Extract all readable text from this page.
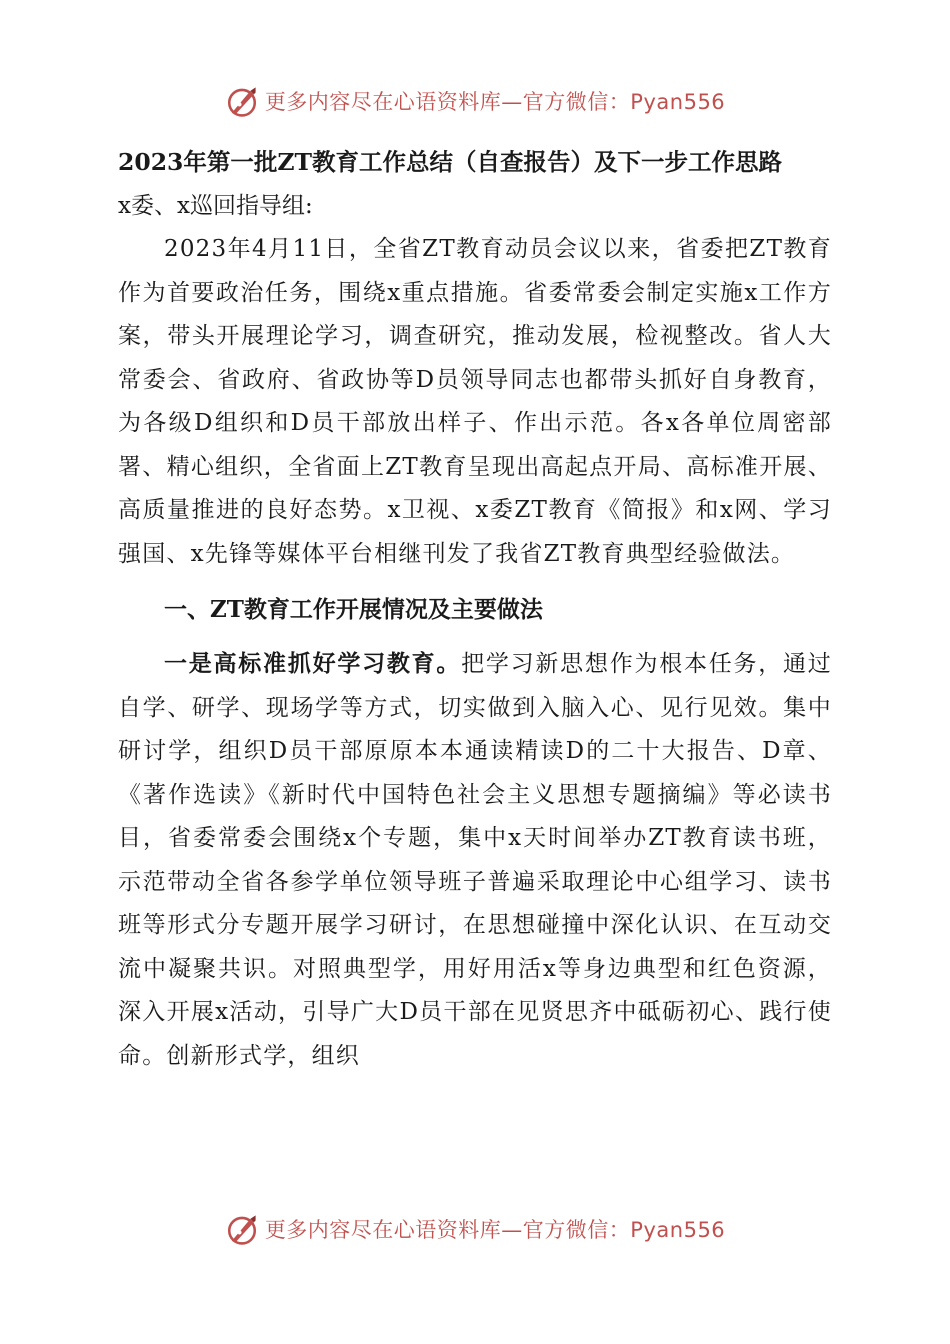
更多内容尽在心语资料库—官方微信：Pyan556
2023年第一批ZT教育工作总结（自查报告）及下一步工作思路

x委、x巡回指导组:

2023年4月11日，全省ZT教育动员会议以来，省委把ZT教育作为首要政治任务，围绕x重点措施。省委常委会制定实施x工作方案，带头开展理论学习，调查研究，推动发展，检视整改。省人大常委会、省政府、省政协等D员领导同志也都带头抓好自身教育，为各级D组织和D员干部放出样子、作出示范。各x各单位周密部署、精心组织，全省面上ZT教育呈现出高起点开局、高标准开展、高质量推进的良好态势。x卫视、x委ZT教育《简报》和x网、学习强国、x先锋等媒体平台相继刊发了我省ZT教育典型经验做法。

一、ZT教育工作开展情况及主要做法

一是高标准抓好学习教育。把学习新思想作为根本任务，通过自学、研学、现场学等方式，切实做到入脑入心、见行见效。集中研讨学，组织D员干部原原本本通读精读D的二十大报告、D章、《著作选读》《新时代中国特色社会主义思想专题摘编》等必读书目，省委常委会围绕x个专题，集中x天时间举办ZT教育读书班，示范带动全省各参学单位领导班子普遍采取理论中心组学习、读书班等形式分专题开展学习研讨，在思想碰撞中深化认识、在互动交流中凝聚共识。对照典型学，用好用活x等身边典型和红色资源，深入开展x活动，引导广大D员干部在见贤思齐中砥砺初心、践行使命。创新形式学，组织

更多内容尽在心语资料库—官方微信：Pyan556
